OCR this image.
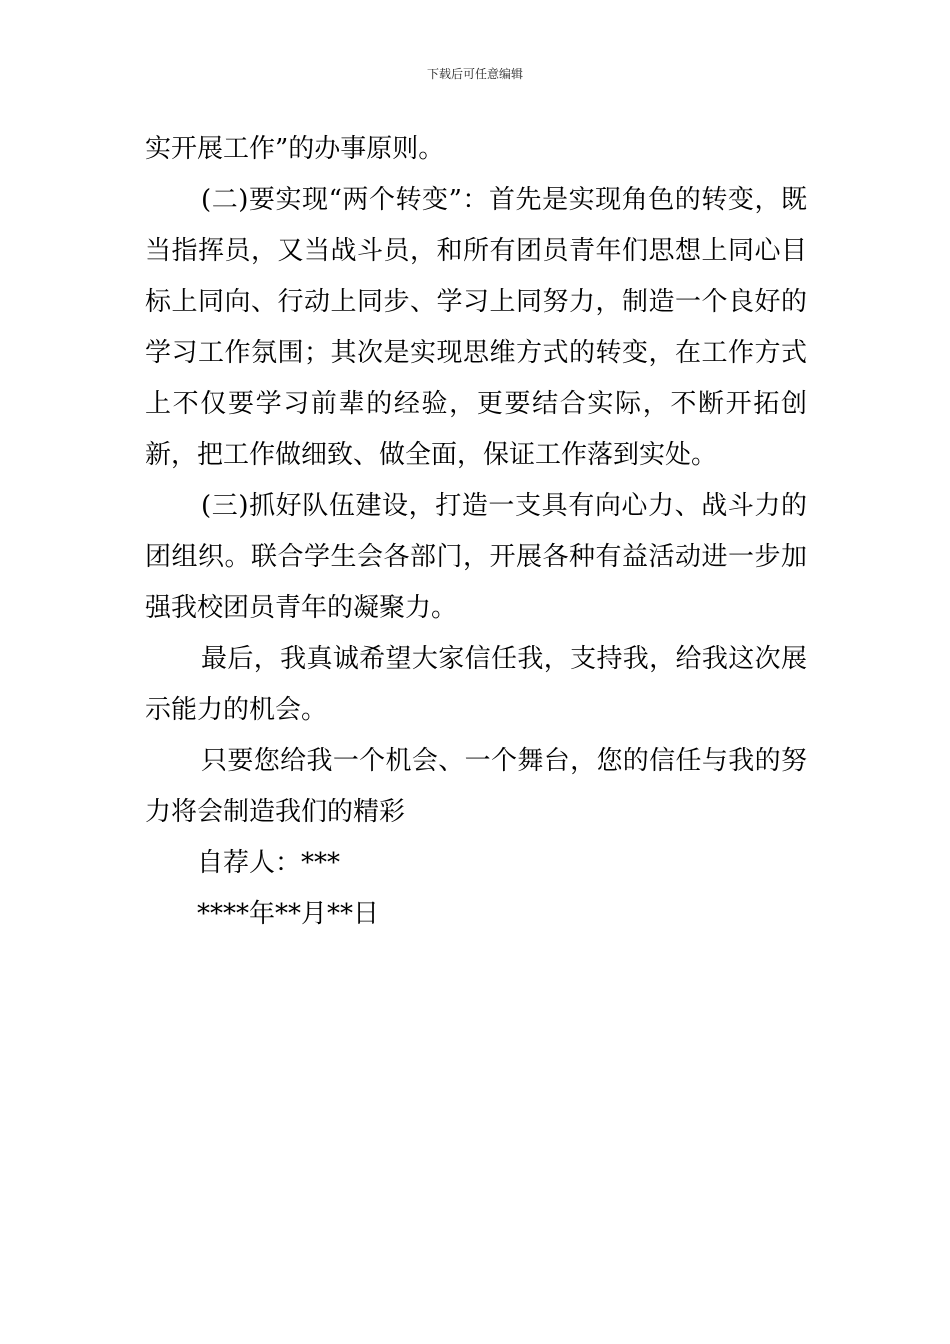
下载后可任意编辑

实开展工作”的办事原则。

(二)要实现“两个转变”：首先是实现角色的转变，既当指挥员，又当战斗员，和所有团员青年们思想上同心目标上同向、行动上同步、学习上同努力，制造一个良好的学习工作氛围；其次是实现思维方式的转变，在工作方式上不仅要学习前辈的经验，更要结合实际，不断开拓创新，把工作做细致、做全面，保证工作落到实处。

(三)抓好队伍建设，打造一支具有向心力、战斗力的团组织。联合学生会各部门，开展各种有益活动进一步加强我校团员青年的凝聚力。

最后，我真诚希望大家信任我，支持我，给我这次展示能力的机会。

只要您给我一个机会、一个舞台，您的信任与我的努力将会制造我们的精彩

自荐人：***

****年**月**日
